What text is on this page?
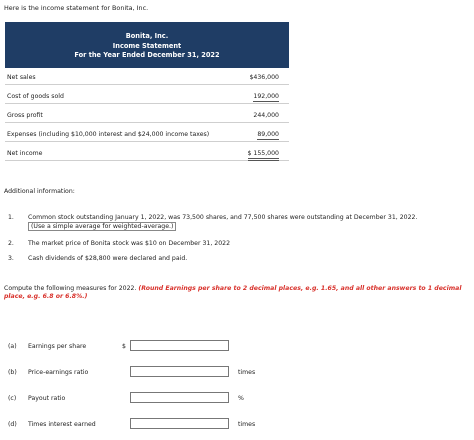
Here is the income statement for Bonita, Inc.
Bonita, Inc.
Income Statement
For the Year Ended December 31, 2022
Net sales	$436,000
Cost of goods sold	192,000
Gross profit	244,000
Expenses (including $10,000 interest and $24,000 income taxes)	89,000
Net income	$ 155,000
Additional information:
1. Common stock outstanding January 1, 2022, was 73,500 shares, and 77,500 shares were outstanding at December 31, 2022.
(Use a simple average for weighted-average.)
2. The market price of Bonita stock was $10 on December 31, 2022
3. Cash dividends of $28,800 were declared and paid.
Compute the following measures for 2022. (Round Earnings per share to 2 decimal places, e.g. 1.65, and all other answers to 1 decimal place, e.g. 6.8 or 6.8%.)
(a) Earnings per share	$
(b) Price-earnings ratio	times
(c) Payout ratio	%
(d) Times interest earned	times
